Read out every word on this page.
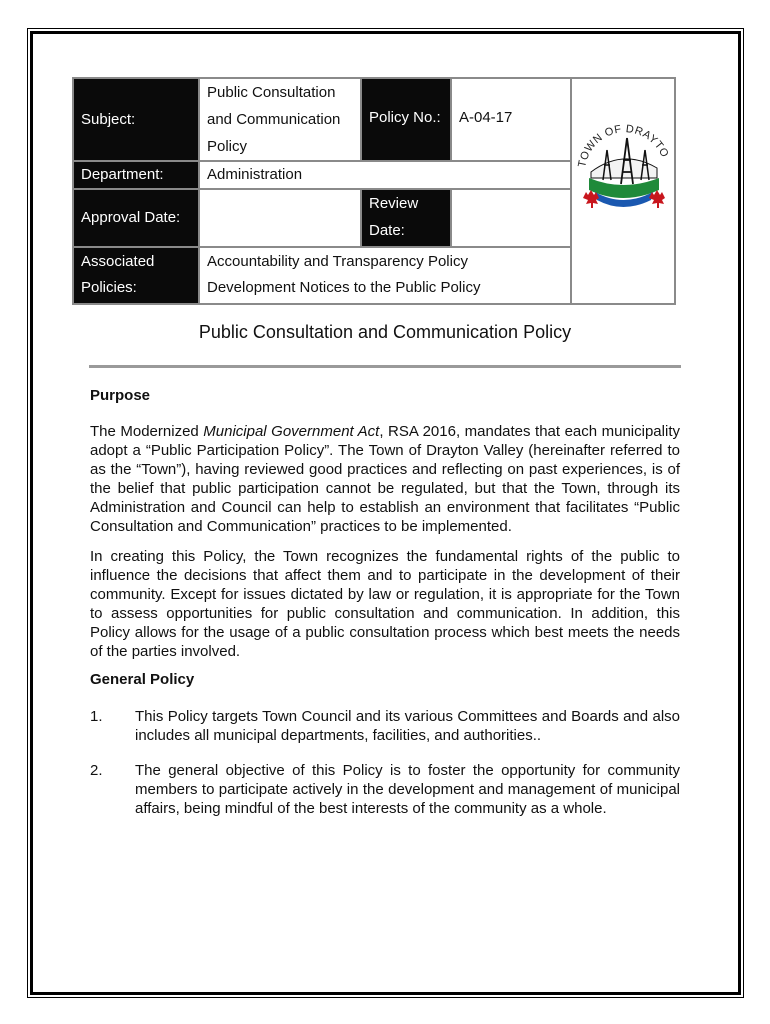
Subject:
Public Consultation
and Communication
Policy
Policy No.:	A-04-17
Department:	Administration
Approval Date:
Review
Date:
Associated
Policies:
Accountability and Transparency Policy
Development Notices to the Public Policy
TOWN OF DRAYTO
Public Consultation and Communication Policy
Purpose
The Modernized Municipal Government Act, RSA 2016, mandates that each municipality adopt a “Public Participation Policy”. The Town of Drayton Valley (hereinafter referred to as the “Town”), having reviewed good practices and reflecting on past experiences, is of the belief that public participation cannot be regulated, but that the Town, through its Administration and Council can help to establish an environment that facilitates “Public Consultation and Communication” practices to be implemented.
In creating this Policy, the Town recognizes the fundamental rights of the public to influence the decisions that affect them and to participate in the development of their community. Except for issues dictated by law or regulation, it is appropriate for the Town to assess opportunities for public consultation and communication. In addition, this Policy allows for the usage of a public consultation process which best meets the needs of the parties involved.
General Policy
1. This Policy targets Town Council and its various Committees and Boards and also includes all municipal departments, facilities, and authorities..
2. The general objective of this Policy is to foster the opportunity for community members to participate actively in the development and management of municipal affairs, being mindful of the best interests of the community as a whole.
